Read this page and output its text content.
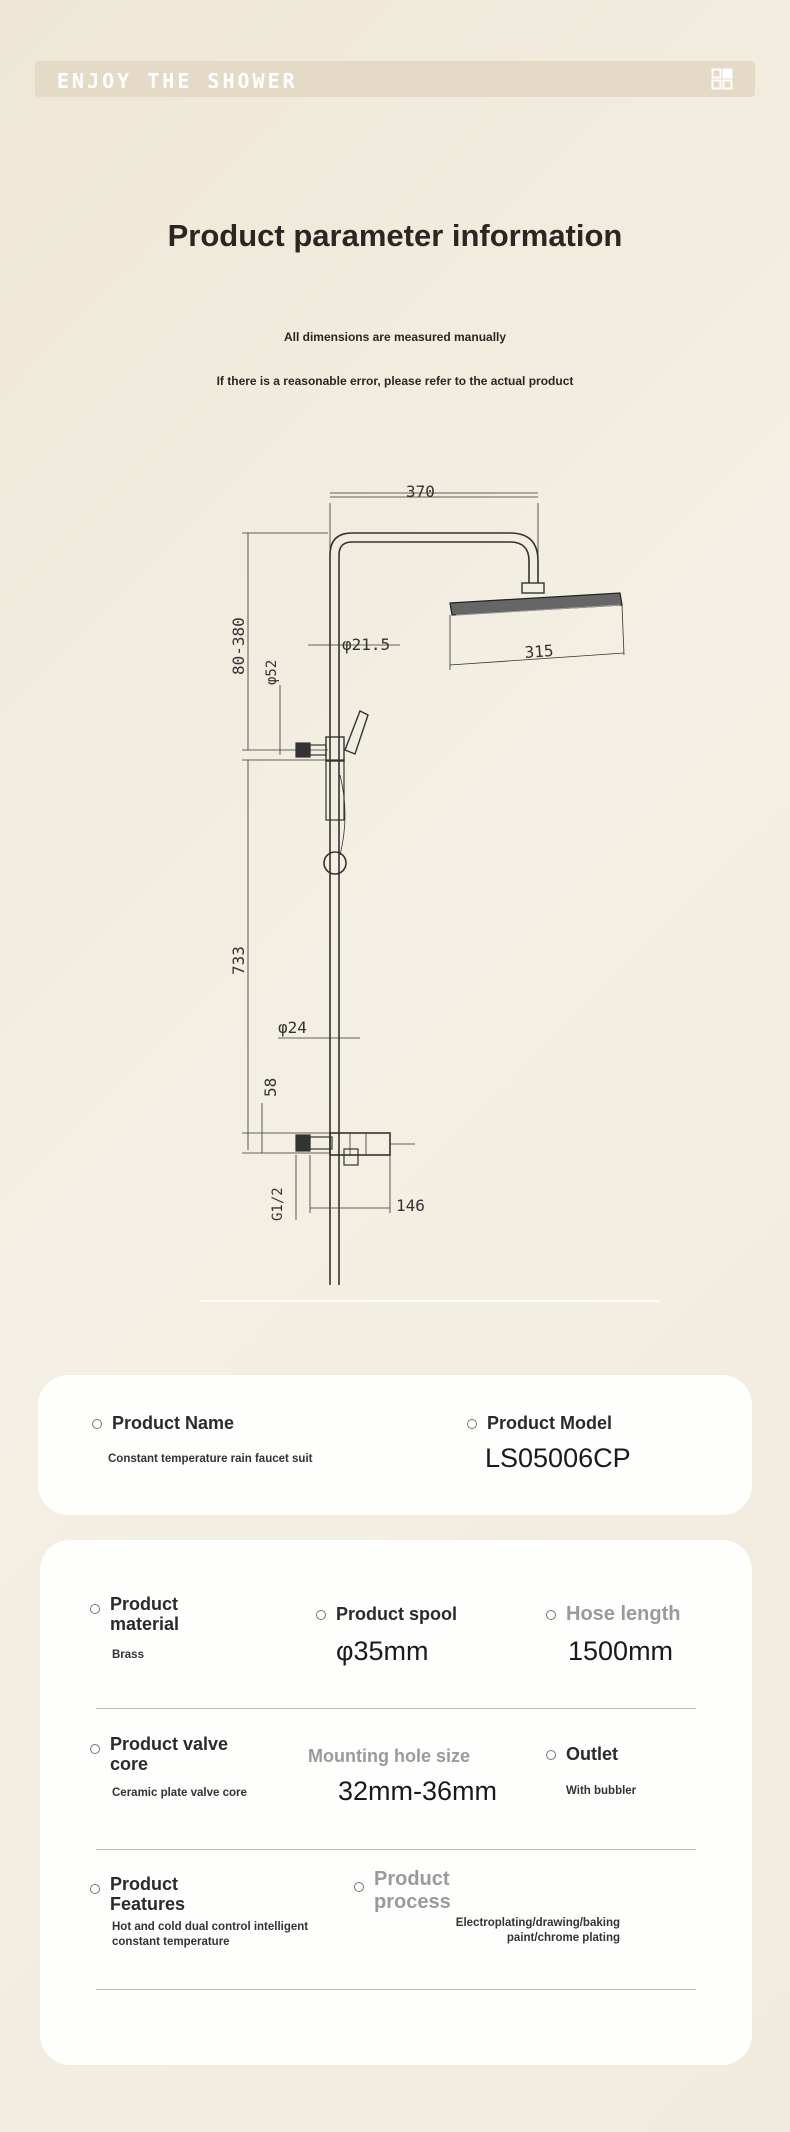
ENJOY THE SHOWER
Product parameter information
All dimensions are measured manually
If there is a reasonable error, please refer to the actual product
370
315
80-380	φ21.5
φ52
733
φ24
58
G1/2	146
Product Name
Constant temperature rain faucet suit
Product Model
LS05006CP
Product
material
Brass
Product spool
φ35mm
Hose length
1500mm
Product valve
core
Ceramic plate valve core
Mounting hole size
32mm-36mm
Outlet
With bubbler
Product
Features
Hot and cold dual control intelligent
constant temperature
Product
process
Electroplating/drawing/baking
paint/chrome plating
